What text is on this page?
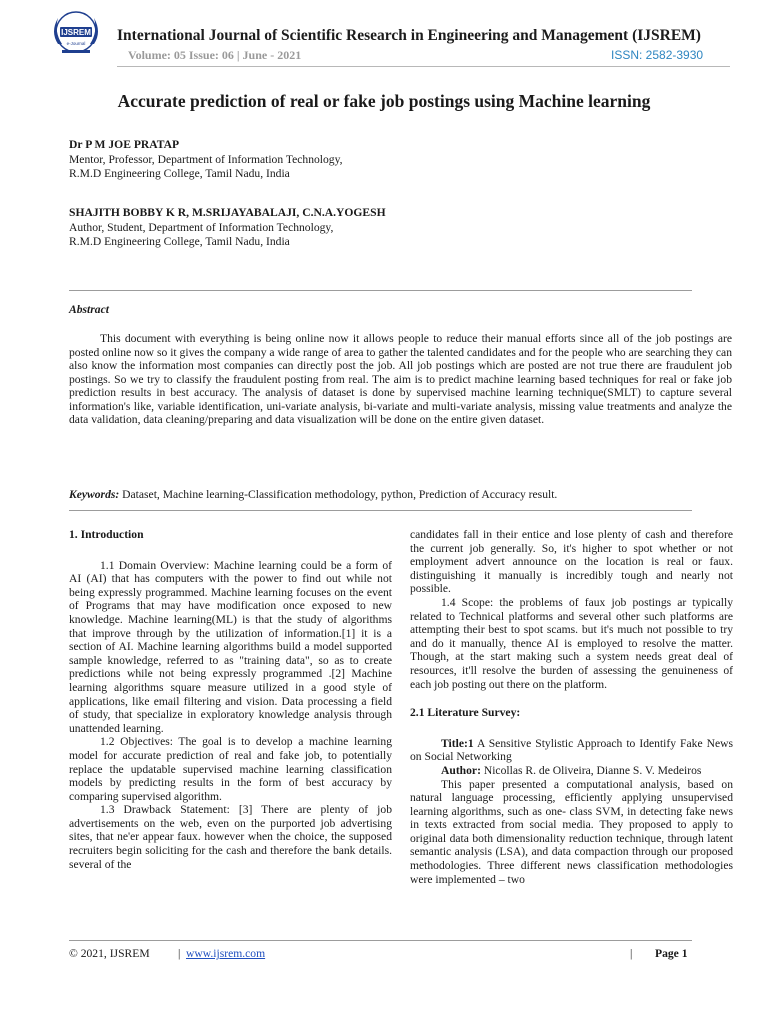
IJSREM
e-Journal International Journal of Scientific Research in Engineering and Management (IJSREM)
Volume: 05 Issue: 06 | June - 2021	ISSN: 2582-3930
Accurate prediction of real or fake job postings using Machine learning
Dr P M JOE PRATAP
Mentor, Professor, Department of Information Technology,
R.M.D Engineering College, Tamil Nadu, India
SHAJITH BOBBY K R, M.SRIJAYABALAJI, C.N.A.YOGESH
Author, Student, Department of Information Technology,
R.M.D Engineering College, Tamil Nadu, India
Abstract

This document with everything is being online now it allows people to reduce their manual efforts since all of the job postings are posted online now so it gives the company a wide range of area to gather the talented candidates and for the people who are searching they can also know the information most companies can directly post the job. All job postings which are posted are not true there are fraudulent job postings. So we try to classify the fraudulent posting from real. The aim is to predict machine learning based techniques for real or fake job prediction results in best accuracy. The analysis of dataset is done by supervised machine learning technique(SMLT) to capture several information's like, variable identification, uni-variate analysis, bi-variate and multi-variate analysis, missing value treatments and analyze the data validation, data cleaning/preparing and data visualization will be done on the entire given dataset.

Keywords: Dataset, Machine learning-Classification methodology, python, Prediction of Accuracy result.

1. Introduction

1.1 Domain Overview: Machine learning could be a form of AI (AI) that has computers with the power to find out while not being expressly programmed. Machine learning focuses on the event of Programs that may have modification once exposed to new knowledge. Machine learning(ML) is that the study of algorithms that improve through by the utilization of information.[1] it is a section of AI. Machine learning algorithms build a model supported sample knowledge, referred to as "training data", so as to create predictions while not being expressly programmed .[2] Machine learning algorithms square measure utilized in a good style of applications, like email filtering and vision. Data processing a field of study, that specialize in exploratory knowledge analysis through unattended learning.

1.2 Objectives: The goal is to develop a machine learning model for accurate prediction of real and fake job, to potentially replace the updatable supervised machine learning classification models by predicting results in the form of best accuracy by comparing supervised algorithm.

1.3 Drawback Statement: [3] There are plenty of job advertisements on the web, even on the purported job advertising sites, that ne'er appear faux. however when the choice, the supposed recruiters begin soliciting for the cash and therefore the bank details. several of the

candidates fall in their entice and lose plenty of cash and therefore the current job generally. So, it's higher to spot whether or not employment advert announce on the location is real or faux. distinguishing it manually is incredibly tough and nearly not possible.

1.4 Scope: the problems of faux job postings ar typically related to Technical platforms and several other such platforms are attempting their best to spot scams. but it's much not possible to try and do it manually, thence AI is employed to resolve the matter. Though, at the start making such a system needs great deal of resources, it'll resolve the burden of assessing the genuineness of each job posting out there on the platform.

2.1 Literature Survey:

Title:1 A Sensitive Stylistic Approach to Identify Fake News on Social Networking

Author: Nicollas R. de Oliveira, Dianne S. V. Medeiros

This paper presented a computational analysis, based on natural language processing, efficiently applying unsupervised learning algorithms, such as one- class SVM, in detecting fake news in texts extracted from social media. They proposed to apply to original data both dimensionality reduction technique, through latent semantic analysis (LSA), and data compaction through our proposed methodologies. Three different news classification methodologies were implemented – two

© 2021, IJSREM | www.ijsrem.com	| Page 1
